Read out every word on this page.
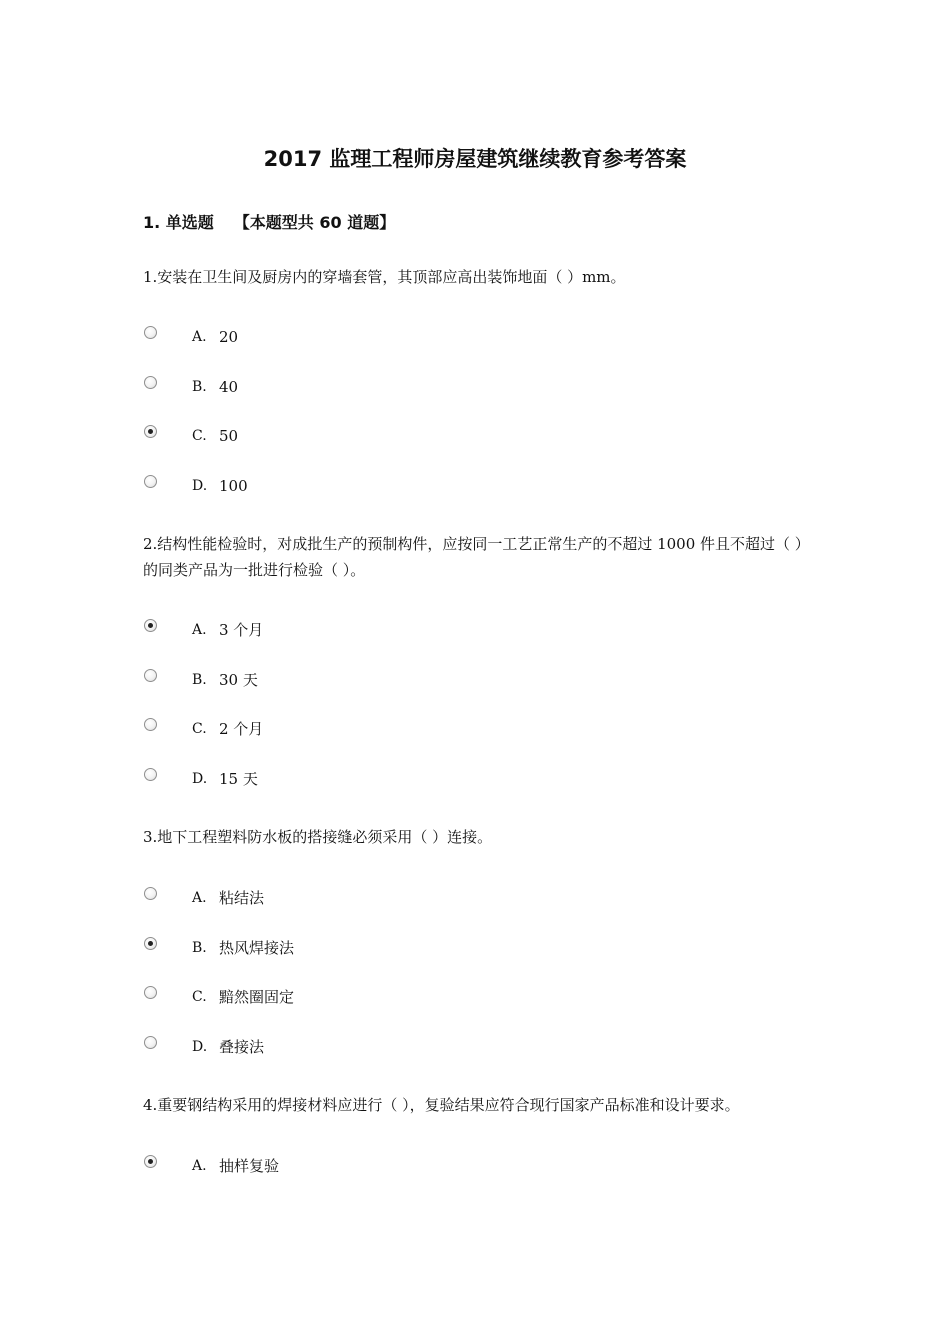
2017 监理工程师房屋建筑继续教育参考答案
1. 单选题 【本题型共 60 道题】

1.安装在卫生间及厨房内的穿墙套管，其顶部应高出装饰地面（ ）mm。

A. 20
B. 40
C. 50
D. 100

2.结构性能检验时，对成批生产的预制构件，应按同一工艺正常生产的不超过 1000 件且不超过（ ）的同类产品为一批进行检验（ ）。

A. 3 个月
B. 30 天
C. 2 个月
D. 15 天

3.地下工程塑料防水板的搭接缝必须采用（ ）连接。

A. 粘结法
B. 热风焊接法
C. 黯然圈固定
D. 叠接法

4.重要钢结构采用的焊接材料应进行（ ），复验结果应符合现行国家产品标准和设计要求。

A. 抽样复验
